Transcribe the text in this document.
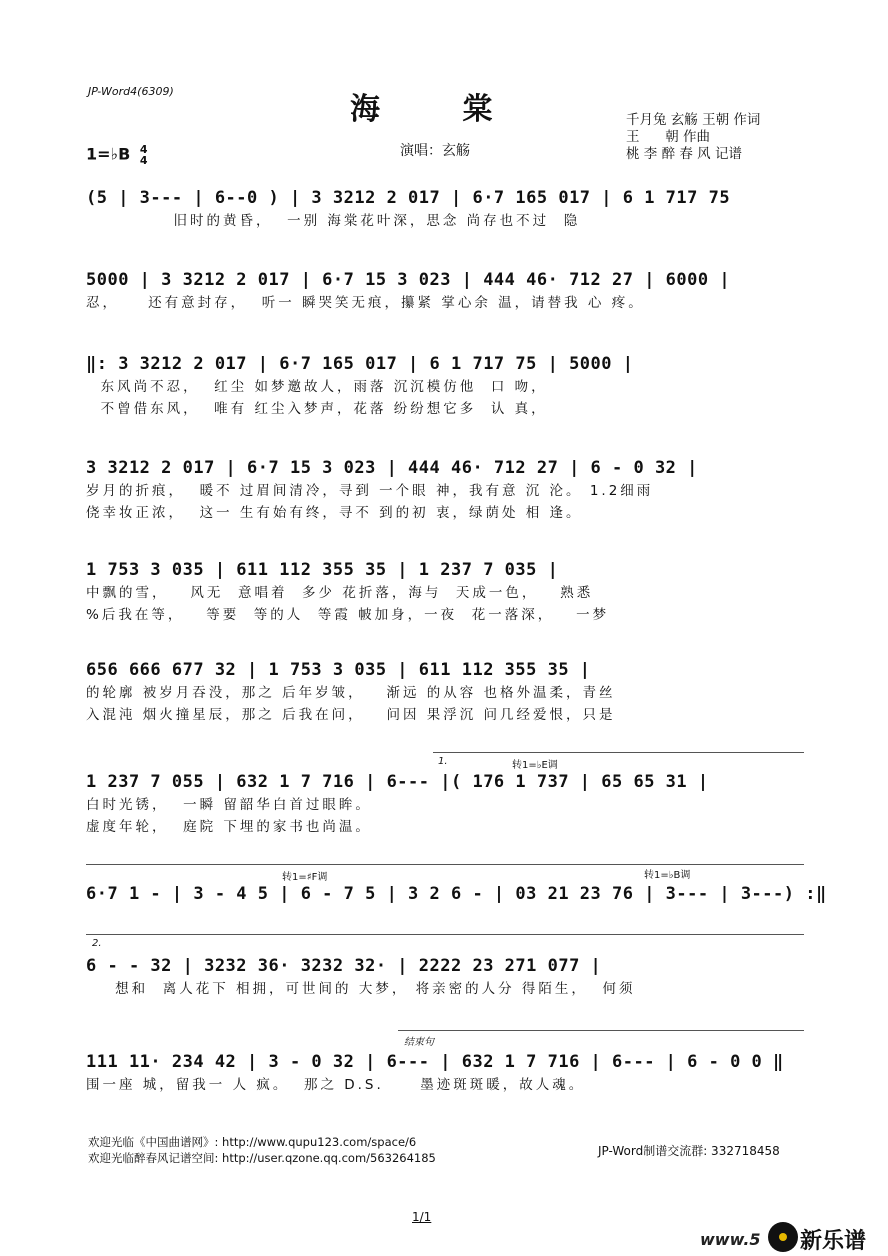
JP-Word4(6309)
海 棠	千月兔 玄觞 王朝 作词
王      朝 作曲
桃 李 醉 春 风 记谱
1=♭B 4
4
演唱：玄觞
(5 | 3--- | 6--0 ) | 3 3212 2 017 | 6·7 165 017 | 6 1 717 75
旧时的黄昏，  一别 海棠花叶深，思念 尚存也不过  隐
5000 | 3 3212 2 017 | 6·7 15 3 023 | 444 46· 712 27 | 6000 |
忍，    还有意封存，  听一 瞬哭笑无痕，攥紧 掌心余 温，请替我 心 疼。
‖: 3 3212 2 017 | 6·7 165 017 | 6 1 717 75 | 5000 |
东风尚不忍，  红尘 如梦邀故人，雨落 沉沉模仿他  口 吻，
不曾借东风，  唯有 红尘入梦声，花落 纷纷想它多  认 真，
3 3212 2 017 | 6·7 15 3 023 | 444 46· 712 27 | 6 - 0 32 |
岁月的折痕，  暖不 过眉间清冷，寻到 一个眼 神，我有意 沉 沦。 1.2细雨
侥幸妆正浓，  这一 生有始有终，寻不 到的初 衷，绿荫处 相 逢。
1 753 3 035 | 611 112 355 35 | 1 237 7 035 |
中飘的雪，   风无  意唱着  多少 花折落，海与  天成一色，   熟悉
%后我在等，   等要  等的人  等霞 帔加身，一夜  花一落深，   一梦
656 666 677 32 | 1 753 3 035 | 611 112 355 35 |
的轮廓 被岁月吞没，那之 后年岁皱，   渐远 的从容 也格外温柔，青丝
入混沌 烟火撞星辰，那之 后我在问，   问因 果浮沉 问几经爱恨，只是
1.	转1=♭E调
1 237 7 055 | 632 1 7 716 | 6--- |( 176 1 737 | 65 65 31 |
白时光锈，  一瞬 留韶华白首过眼眸。
虚度年轮，  庭院 下埋的家书也尚温。
转1=♯F调	转1=♭B调
6·7 1 - | 3 - 4 5 | 6 - 7 5 | 3 2 6 - | 03 21 23 76 | 3--- | 3---) :‖
2.
6 - - 32 | 3232 36· 3232 32· | 2222 23 271 077 |
想和  离人花下 相拥，可世间的 大梦， 将亲密的人分 得陌生，  何须
结束句
111 11· 234 42 | 3 - 0 32 | 6--- | 632 1 7 716 | 6--- | 6 - 0 0 ‖
围一座 城，留我一 人 疯。  那之 D.S.     墨迹斑斑暖，故人魂。
欢迎光临《中国曲谱网》: http://www.qupu123.com/space/6
欢迎光临醉春风记谱空间: http://user.qzone.qq.com/563264185	JP-Word制谱交流群: 332718458
1/1
www.5 新乐谱
